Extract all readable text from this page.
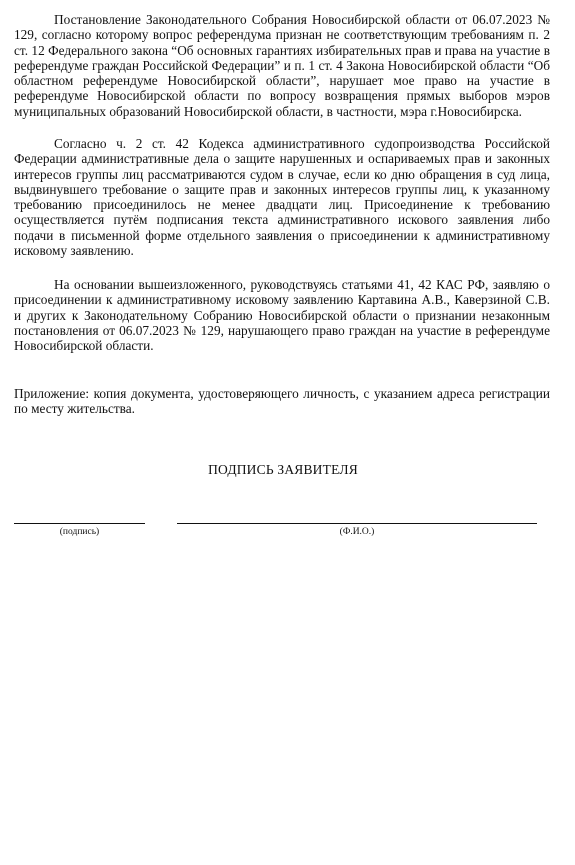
Постановление Законодательного Собрания Новосибирской области от 06.07.2023 № 129, согласно которому вопрос референдума признан не соответствующим требованиям п. 2 ст. 12 Федерального закона “Об основных гарантиях избирательных прав и права на участие в референдуме граждан Российской Федерации” и п. 1 ст. 4 Закона Новосибирской области “Об областном референдуме Новосибирской области”, нарушает мое право на участие в референдуме Новосибирской области по вопросу возвращения прямых выборов мэров муниципальных образований Новосибирской области, в частности, мэра г.Новосибирска.

Согласно ч. 2 ст. 42 Кодекса административного судопроизводства Российской Федерации административные дела о защите нарушенных и оспариваемых прав и законных интересов группы лиц рассматриваются судом в случае, если ко дню обращения в суд лица, выдвинувшего требование о защите прав и законных интересов группы лиц, к указанному требованию присоединилось не менее двадцати лиц. Присоединение к требованию осуществляется путём подписания текста административного искового заявления либо подачи в письменной форме отдельного заявления о присоединении к административному исковому заявлению.

На основании вышеизложенного, руководствуясь статьями 41, 42 КАС РФ, заявляю о присоединении к административному исковому заявлению Картавина А.В., Каверзиной С.В. и других к Законодательному Собранию Новосибирской области о признании незаконным постановления от 06.07.2023 № 129, нарушающего право граждан на участие в референдуме Новосибирской области.

Приложение: копия документа, удостоверяющего личность, с указанием адреса регистрации по месту жительства.

ПОДПИСЬ ЗАЯВИТЕЛЯ
(подпись)	(Ф.И.О.)
